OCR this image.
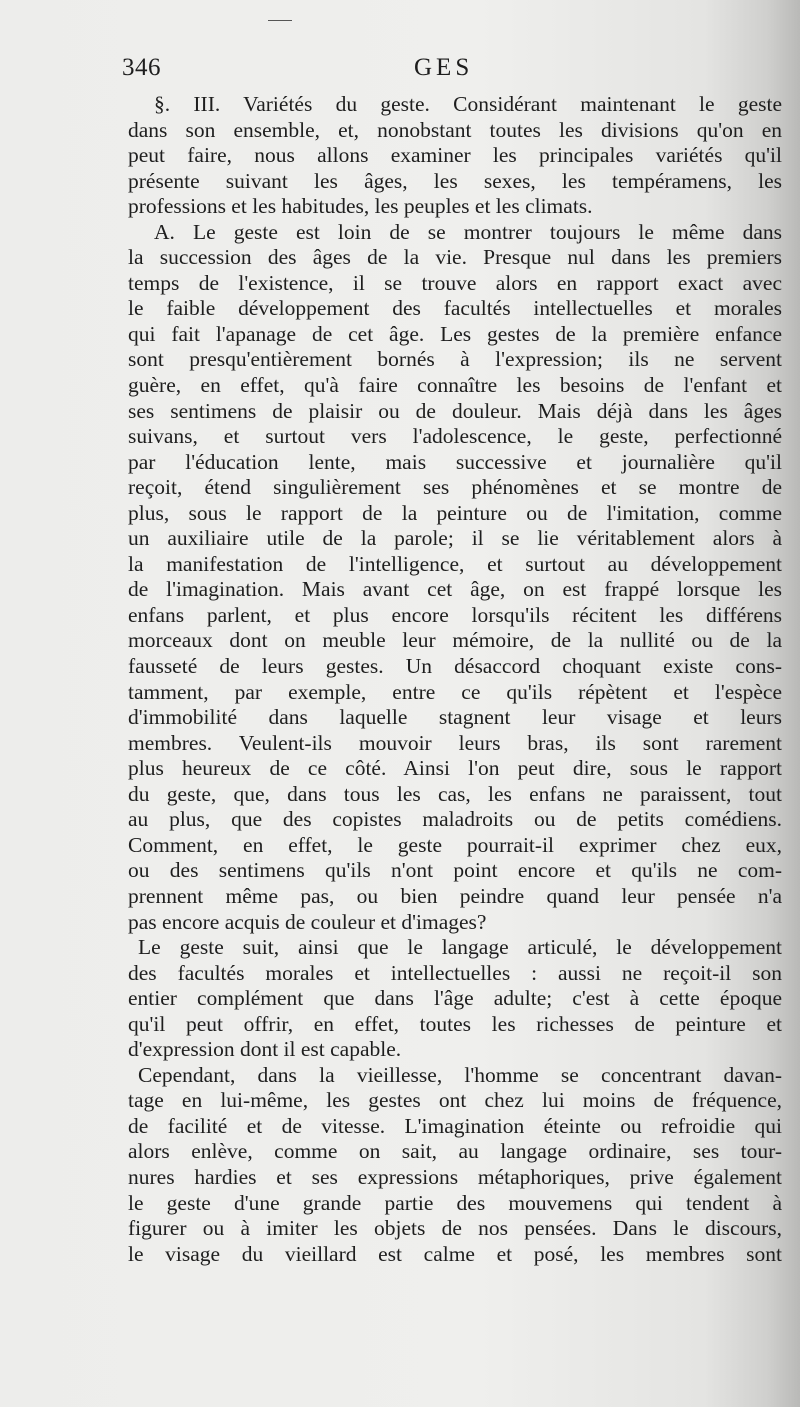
346	GES
§. III. Variétés du geste. Considérant maintenant le geste
dans son ensemble, et, nonobstant toutes les divisions qu'on en
peut faire, nous allons examiner les principales variétés qu'il
présente suivant les âges, les sexes, les tempéramens, les
professions et les habitudes, les peuples et les climats.
A. Le geste est loin de se montrer toujours le même dans
la succession des âges de la vie. Presque nul dans les premiers
temps de l'existence, il se trouve alors en rapport exact avec
le faible développement des facultés intellectuelles et morales
qui fait l'apanage de cet âge. Les gestes de la première enfance
sont presqu'entièrement bornés à l'expression; ils ne servent
guère, en effet, qu'à faire connaître les besoins de l'enfant et
ses sentimens de plaisir ou de douleur. Mais déjà dans les âges
suivans, et surtout vers l'adolescence, le geste, perfectionné
par l'éducation lente, mais successive et journalière qu'il
reçoit, étend singulièrement ses phénomènes et se montre de
plus, sous le rapport de la peinture ou de l'imitation, comme
un auxiliaire utile de la parole; il se lie véritablement alors à
la manifestation de l'intelligence, et surtout au développement
de l'imagination. Mais avant cet âge, on est frappé lorsque les
enfans parlent, et plus encore lorsqu'ils récitent les différens
morceaux dont on meuble leur mémoire, de la nullité ou de la
fausseté de leurs gestes. Un désaccord choquant existe cons-
tamment, par exemple, entre ce qu'ils répètent et l'espèce
d'immobilité dans laquelle stagnent leur visage et leurs
membres. Veulent-ils mouvoir leurs bras, ils sont rarement
plus heureux de ce côté. Ainsi l'on peut dire, sous le rapport
du geste, que, dans tous les cas, les enfans ne paraissent, tout
au plus, que des copistes maladroits ou de petits comédiens.
Comment, en effet, le geste pourrait-il exprimer chez eux,
ou des sentimens qu'ils n'ont point encore et qu'ils ne com-
prennent même pas, ou bien peindre quand leur pensée n'a
pas encore acquis de couleur et d'images?
Le geste suit, ainsi que le langage articulé, le développement
des facultés morales et intellectuelles : aussi ne reçoit-il son
entier complément que dans l'âge adulte; c'est à cette époque
qu'il peut offrir, en effet, toutes les richesses de peinture et
d'expression dont il est capable.
Cependant, dans la vieillesse, l'homme se concentrant davan-
tage en lui-même, les gestes ont chez lui moins de fréquence,
de facilité et de vitesse. L'imagination éteinte ou refroidie qui
alors enlève, comme on sait, au langage ordinaire, ses tour-
nures hardies et ses expressions métaphoriques, prive également
le geste d'une grande partie des mouvemens qui tendent à
figurer ou à imiter les objets de nos pensées. Dans le discours,
le visage du vieillard est calme et posé, les membres sont
